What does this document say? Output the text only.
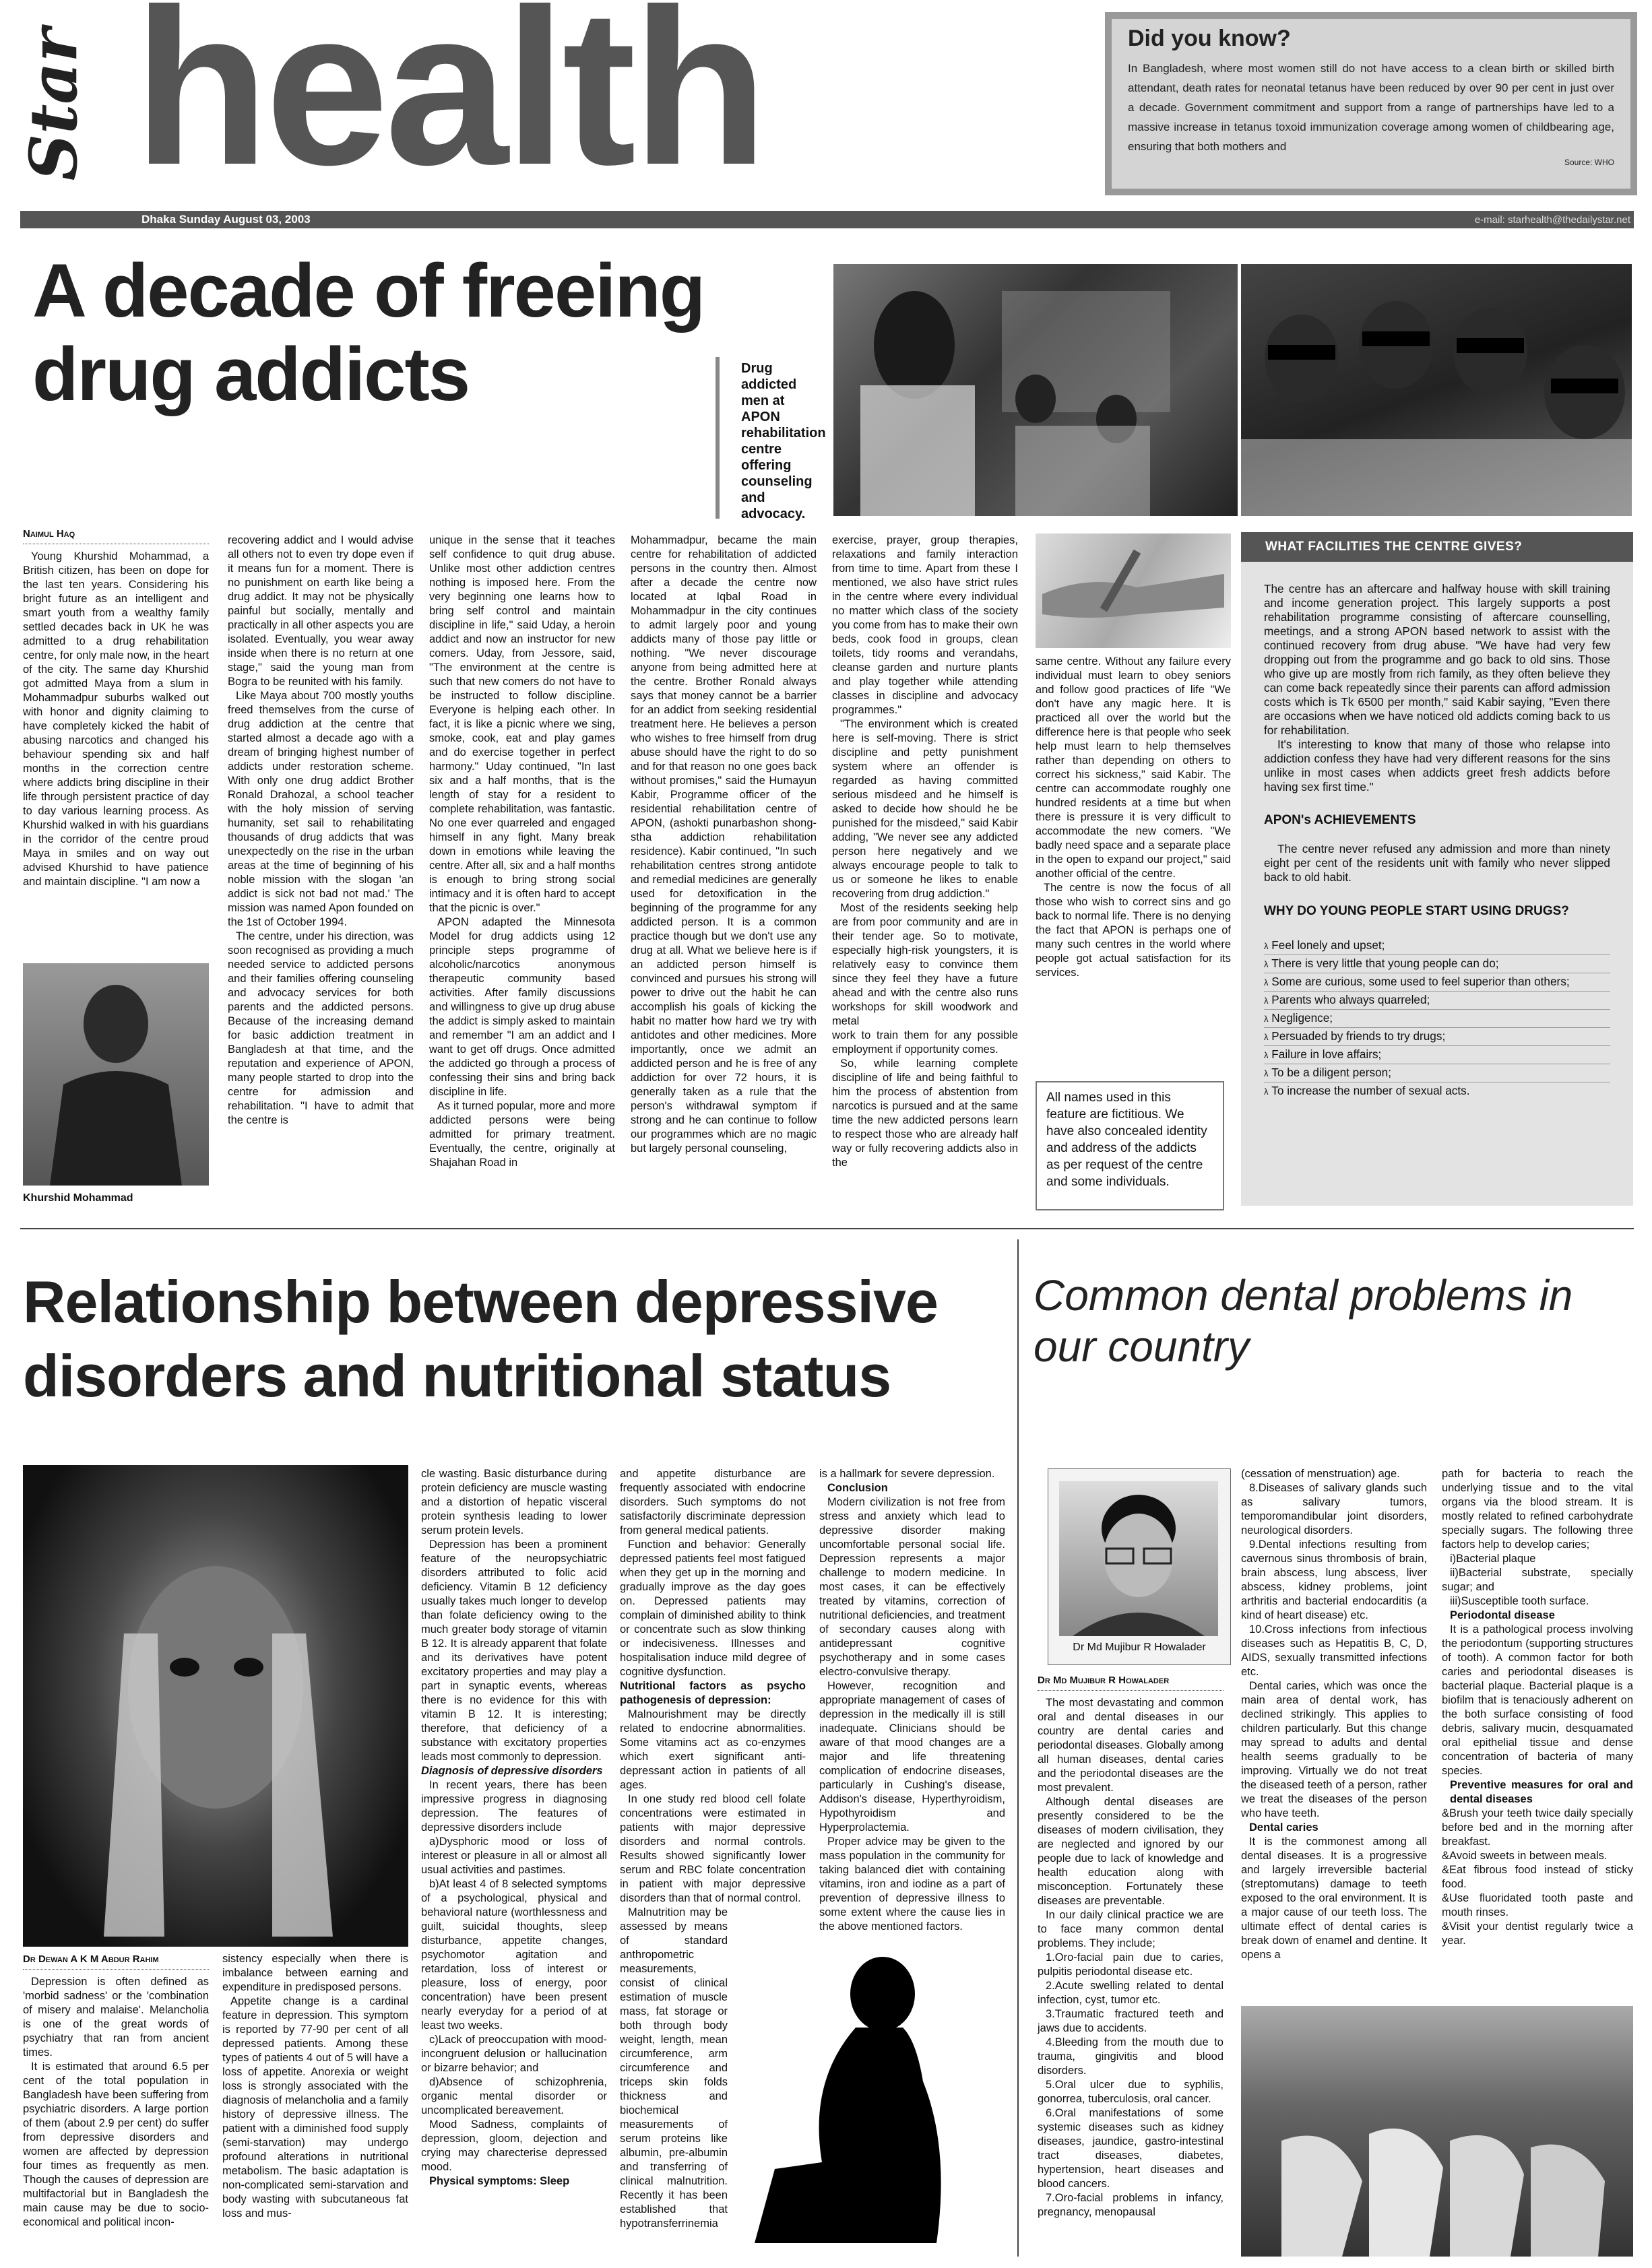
Star health
Dhaka Sunday August 03, 2003	e-mail: starhealth@thedailystar.net
Did you know?
In Bangladesh, where most women still do not have access to a clean birth or skilled birth attendant, death rates for neonatal tetanus have been reduced by over 90 per cent in just over a decade. Government commitment and support from a range of partnerships have led to a massive increase in tetanus toxoid immunization coverage among women of childbearing age, ensuring that both mothers and
Source: WHO
A decade of freeing drug addicts	Drug addicted men at APON rehabilitation centre offering counseling and advocacy.

Naimul Haq

Young Khurshid Mohammad, a British citizen, has been on dope for the last ten years. Considering his bright future as an intelligent and smart youth from a wealthy family settled decades back in UK he was admitted to a drug rehabilitation centre, for only male now, in the heart of the city. The same day Khurshid got admitted Maya from a slum in Mohammadpur suburbs walked out with honor and dignity claiming to have completely kicked the habit of abusing narcotics and changed his behaviour spending six and half months in the correction centre where addicts bring discipline in their life through persistent practice of day to day various learning process. As Khurshid walked in with his guardians in the corridor of the centre proud Maya in smiles and on way out advised Khurshid to have patience and maintain discipline. "I am now a

Khurshid Mohammad

recovering addict and I would advise all others not to even try dope even if it means fun for a moment. There is no punishment on earth like being a drug addict. It may not be physically painful but socially, mentally and practically in all other aspects you are isolated. Eventually, you wear away inside when there is no return at one stage," said the young man from Bogra to be reunited with his family.

Like Maya about 700 mostly youths freed themselves from the curse of drug addiction at the centre that started almost a decade ago with a dream of bringing highest number of addicts under restoration scheme. With only one drug addict Brother Ronald Drahozal, a school teacher with the holy mission of serving humanity, set sail to rehabilitating thousands of drug addicts that was unexpectedly on the rise in the urban areas at the time of beginning of his noble mission with the slogan 'an addict is sick not bad not mad.' The mission was named Apon founded on the 1st of October 1994.

The centre, under his direction, was soon recognised as providing a much needed service to addicted persons and their families offering counseling and advocacy services for both parents and the addicted persons. Because of the increasing demand for basic addiction treatment in Bangladesh at that time, and the reputation and experience of APON, many people started to drop into the centre for admission and rehabilitation. "I have to admit that the centre is

unique in the sense that it teaches self confidence to quit drug abuse. Unlike most other addiction centres nothing is imposed here. From the very beginning one learns how to bring self control and maintain discipline in life," said Uday, a heroin addict and now an instructor for new comers. Uday, from Jessore, said, "The environment at the centre is such that new comers do not have to be instructed to follow discipline. Everyone is helping each other. In fact, it is like a picnic where we sing, smoke, cook, eat and play games and do exercise together in perfect harmony." Uday continued, "In last six and a half months, that is the length of stay for a resident to complete rehabilitation, was fantastic. No one ever quarreled and engaged himself in any fight. Many break down in emotions while leaving the centre. After all, six and a half months is enough to bring strong social intimacy and it is often hard to accept that the picnic is over."

APON adapted the Minnesota Model for drug addicts using 12 principle steps programme of alcoholic/narcotics anonymous therapeutic community based activities. After family discussions and willingness to give up drug abuse the addict is simply asked to maintain and remember "I am an addict and I want to get off drugs. Once admitted the addicted go through a process of confessing their sins and bring back discipline in life.

As it turned popular, more and more addicted persons were being admitted for primary treatment. Eventually, the centre, originally at Shajahan Road in

Mohammadpur, became the main centre for rehabilitation of addicted persons in the country then. Almost after a decade the centre now located at Iqbal Road in Mohammadpur in the city continues to admit largely poor and young addicts many of those pay little or nothing. "We never discourage anyone from being admitted here at the centre. Brother Ronald always says that money cannot be a barrier for an addict from seeking residential treatment here. He believes a person who wishes to free himself from drug abuse should have the right to do so and for that reason no one goes back without promises," said the Humayun Kabir, Programme officer of the residential rehabilitation centre of APON, (ashokti punarbashon shong-stha addiction rehabilitation residence). Kabir continued, "In such rehabilitation centres strong antidote and remedial medicines are generally used for detoxification in the beginning of the programme for any addicted person. It is a common practice though but we don't use any drug at all. What we believe here is if an addicted person himself is convinced and pursues his strong will power to drive out the habit he can accomplish his goals of kicking the habit no matter how hard we try with antidotes and other medicines. More importantly, once we admit an addicted person and he is free of any addiction for over 72 hours, it is generally taken as a rule that the person's withdrawal symptom if strong and he can continue to follow our programmes which are no magic but largely personal counseling,

exercise, prayer, group therapies, relaxations and family interaction from time to time. Apart from these I mentioned, we also have strict rules in the centre where every individual no matter which class of the society you come from has to make their own beds, cook food in groups, clean toilets, tidy rooms and verandahs, cleanse garden and nurture plants and play together while attending classes in discipline and advocacy programmes."

"The environment which is created here is self-moving. There is strict discipline and petty punishment system where an offender is regarded as having committed serious misdeed and he himself is asked to decide how should he be punished for the misdeed," said Kabir adding, "We never see any addicted person here negatively and we always encourage people to talk to us or someone he likes to enable recovering from drug addiction."

Most of the residents seeking help are from poor community and are in their tender age. So to motivate, especially high-risk youngsters, it is relatively easy to convince them since they feel they have a future ahead and with the centre also runs workshops for skill woodwork and metal

work to train them for any possible employment if opportunity comes.

So, while learning complete discipline of life and being faithful to him the process of abstention from narcotics is pursued and at the same time the new addicted persons learn to respect those who are already half way or fully recovering addicts also in the

same centre. Without any failure every individual must learn to obey seniors and follow good practices of life "We don't have any magic here. It is practiced all over the world but the difference here is that people who seek help must learn to help themselves rather than depending on others to correct his sickness," said Kabir. The centre can accommodate roughly one hundred residents at a time but when there is pressure it is very difficult to accommodate the new comers. "We badly need space and a separate place in the open to expand our project," said another official of the centre.

The centre is now the focus of all those who wish to correct sins and go back to normal life. There is no denying the fact that APON is perhaps one of many such centres in the world where people got actual satisfaction for its services.

All names used in this feature are fictitious. We have also concealed identity and address of the addicts as per request of the centre and some individuals.
WHAT FACILITIES THE CENTRE GIVES?

The centre has an aftercare and halfway house with skill training and income generation project. This largely supports a post rehabilitation programme consisting of aftercare counselling, meetings, and a strong APON based network to assist with the continued recovery from drug abuse. "We have had very few dropping out from the programme and go back to old sins. Those who give up are mostly from rich family, as they often believe they can come back repeatedly since their parents can afford admission costs which is Tk 6500 per month," said Kabir saying, "Even there are occasions when we have noticed old addicts coming back to us for rehabilitation.

It's interesting to know that many of those who relapse into addiction confess they have had very different reasons for the sins unlike in most cases when addicts greet fresh addicts before having sex first time."

APON's ACHIEVEMENTS

The centre never refused any admission and more than ninety eight per cent of the residents unit with family who never slipped back to old habit.

WHY DO YOUNG PEOPLE START USING DRUGS?

λ Feel lonely and upset;
λ There is very little that young people can do;
λ Some are curious, some used to feel superior than others;
λ Parents who always quarreled;
λ Negligence;
λ Persuaded by friends to try drugs;
λ Failure in love affairs;
λ To be a diligent person;
λ To increase the number of sexual acts.
Relationship between depressive disorders and nutritional status

Dr Dewan A K M Abdur Rahim

Depression is often defined as 'morbid sadness' or the 'combination of misery and malaise'. Melancholia is one of the great words of psychiatry that ran from ancient times.

It is estimated that around 6.5 per cent of the total population in Bangladesh have been suffering from psychiatric disorders. A large portion of them (about 2.9 per cent) do suffer from depressive disorders and women are affected by depression four times as frequently as men. Though the causes of depression are multifactorial but in Bangladesh the main cause may be due to socio-economical and political incon-

sistency especially when there is imbalance between earning and expenditure in predisposed persons.

Appetite change is a cardinal feature in depression. This symptom is reported by 77-90 per cent of all depressed patients. Among these types of patients 4 out of 5 will have a loss of appetite. Anorexia or weight loss is strongly associated with the diagnosis of melancholia and a family history of depressive illness. The patient with a diminished food supply (semi-starvation) may undergo profound alterations in nutritional metabolism. The basic adaptation is non-complicated semi-starvation and body wasting with subcutaneous fat loss and mus-

cle wasting. Basic disturbance during protein deficiency are muscle wasting and a distortion of hepatic visceral protein synthesis leading to lower serum protein levels.

Depression has been a prominent feature of the neuropsychiatric disorders attributed to folic acid deficiency. Vitamin B 12 deficiency usually takes much longer to develop than folate deficiency owing to the much greater body storage of vitamin B 12. It is already apparent that folate and its derivatives have potent excitatory properties and may play a part in synaptic events, whereas there is no evidence for this with vitamin B 12. It is interesting; therefore, that deficiency of a substance with excitatory properties leads most commonly to depression.

Diagnosis of depressive disorders

In recent years, there has been impressive progress in diagnosing depression. The features of depressive disorders include

a)Dysphoric mood or loss of interest or pleasure in all or almost all usual activities and pastimes.

b)At least 4 of 8 selected symptoms of a psychological, physical and behavioral nature (worthlessness and guilt, suicidal thoughts, sleep disturbance, appetite changes, psychomotor agitation and retardation, loss of interest or pleasure, loss of energy, poor concentration) have been present nearly everyday for a period of at least two weeks.

c)Lack of preoccupation with mood-incongruent delusion or hallucination or bizarre behavior; and

d)Absence of schizophrenia, organic mental disorder or uncomplicated bereavement.

Mood Sadness, complaints of depression, gloom, dejection and crying may charecterise depressed mood.

Physical symptoms: Sleep

and appetite disturbance are frequently associated with endocrine disorders. Such symptoms do not satisfactorily discriminate depression from general medical patients.

Function and behavior: Generally depressed patients feel most fatigued when they get up in the morning and gradually improve as the day goes on. Depressed patients may complain of diminished ability to think or concentrate such as slow thinking or indecisiveness. Illnesses and hospitalisation induce mild degree of cognitive dysfunction.

Nutritional factors as psycho pathogenesis of depression:

Malnourishment may be directly related to endocrine abnormalities. Some vitamins act as co-enzymes which exert significant anti-depressant action in patients of all ages.

In one study red blood cell folate concentrations were estimated in patients with major depressive disorders and normal controls. Results showed significantly lower serum and RBC folate concentration in patient with major depressive disorders than that of normal control.

Malnutrition may be assessed by means of standard anthropometric measurements, consist of clinical estimation of muscle mass, fat storage or both through body weight, length, mean circumference, arm circumference and triceps skin folds thickness and biochemical measurements of serum proteins like albumin, pre-albumin and transferring of clinical malnutrition. Recently it has been established that hypotransferrinemia

is a hallmark for severe depression.

Conclusion

Modern civilization is not free from stress and anxiety which lead to depressive disorder making uncomfortable personal social life. Depression represents a major challenge to modern medicine. In most cases, it can be effectively treated by vitamins, correction of nutritional deficiencies, and treatment of secondary causes along with antidepressant cognitive psychotherapy and in some cases electro-convulsive therapy.

However, recognition and appropriate management of cases of depression in the medically ill is still inadequate. Clinicians should be aware of that mood changes are a major and life threatening complication of endocrine diseases, particularly in Cushing's disease, Addison's disease, Hyperthyroidism, Hypothyroidism and Hyperprolactemia.

Proper advice may be given to the mass population in the community for taking balanced diet with containing vitamins, iron and iodine as a part of prevention of depressive illness to some extent where the cause lies in the above mentioned factors.

Common dental problems in our country
Dr Md Mujibur R Howalader

Dr Md Mujibur R Howalader

The most devastating and common oral and dental diseases in our country are dental caries and periodontal diseases. Globally among all human diseases, dental caries and the periodontal diseases are the most prevalent.

Although dental diseases are presently considered to be the diseases of modern civilisation, they are neglected and ignored by our people due to lack of knowledge and health education along with misconception. Fortunately these diseases are preventable.

In our daily clinical practice we are to face many common dental problems. They include;

1.Oro-facial pain due to caries, pulpitis periodontal disease etc.

2.Acute swelling related to dental infection, cyst, tumor etc.

3.Traumatic fractured teeth and jaws due to accidents.

4.Bleeding from the mouth due to trauma, gingivitis and blood disorders.

5.Oral ulcer due to syphilis, gonorrea, tuberculosis, oral cancer.

6.Oral manifestations of some systemic diseases such as kidney diseases, jaundice, gastro-intestinal tract diseases, diabetes, hypertension, heart diseases and blood cancers.

7.Oro-facial problems in infancy, pregnancy, menopausal

(cessation of menstruation) age.

8.Diseases of salivary glands such as salivary tumors, temporomandibular joint disorders, neurological disorders.

9.Dental infections resulting from cavernous sinus thrombosis of brain, brain abscess, lung abscess, liver abscess, kidney problems, joint arthritis and bacterial endocarditis (a kind of heart disease) etc.

10.Cross infections from infectious diseases such as Hepatitis B, C, D, AIDS, sexually transmitted infections etc.

Dental caries, which was once the main area of dental work, has declined strikingly. This applies to children particularly. But this change may spread to adults and dental health seems gradually to be improving. Virtually we do not treat the diseased teeth of a person, rather we treat the diseases of the person who have teeth.

Dental caries

It is the commonest among all dental diseases. It is a progressive and largely irreversible bacterial (streptomutans) damage to teeth exposed to the oral environment. It is a major cause of our teeth loss. The ultimate effect of dental caries is break down of enamel and dentine. It opens a

path for bacteria to reach the underlying tissue and to the vital organs via the blood stream. It is mostly related to refined carbohydrate specially sugars. The following three factors help to develop caries;

i)Bacterial plaque

ii)Bacterial substrate, specially sugar; and

iii)Susceptible tooth surface.

Periodontal disease

It is a pathological process involving the periodontum (supporting structures of tooth). A common factor for both caries and periodontal diseases is bacterial plaque. Bacterial plaque is a biofilm that is tenaciously adherent on the both surface consisting of food debris, salivary mucin, desquamated oral epithelial tissue and dense concentration of bacteria of many species.

Preventive measures for oral and dental diseases

&Brush your teeth twice daily specially before bed and in the morning after breakfast.

&Avoid sweets in between meals.

&Eat fibrous food instead of sticky food.

&Use fluoridated tooth paste and mouth rinses.

&Visit your dentist regularly twice a year.
